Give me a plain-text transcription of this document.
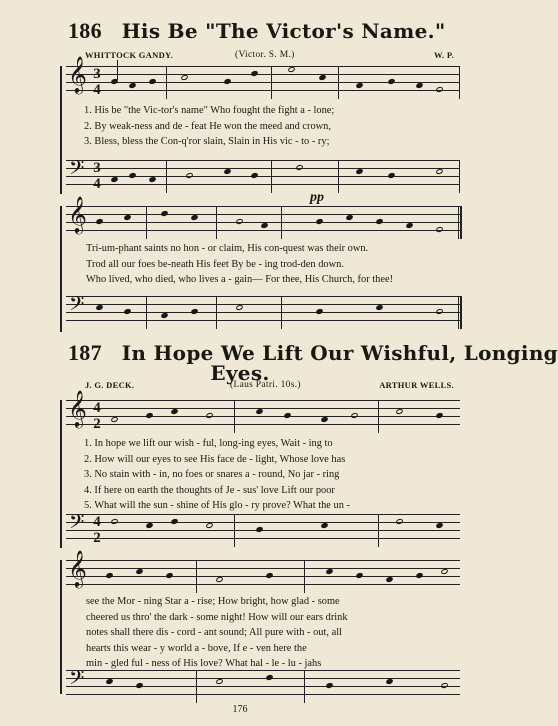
186 His Be "The Victor's Name."
WHITTOCK GANDY.	(Victor. S. M.)	W. P.
𝄞 3
4
1. His be "the Vic-tor's name" Who fought the fight a - lone;
2. By weak-ness and de - feat He won the meed and crown,
3. Bless, bless the Con-q'ror slain, Slain in His vic - to - ry;
𝄢 3
4
pp
𝄞
Tri-um-phant saints no hon - or claim, His con-quest was their own.
Trod all our foes be-neath His feet By be - ing trod-den down.
Who lived, who died, who lives a - gain— For thee, His Church, for thee!
𝄢
187 In Hope We Lift Our Wishful, Longing
Eyes.
J. G. DECK.	(Laus Patri. 10s.)	ARTHUR WELLS.
𝄞 4
2
1. In hope we lift our wish - ful, long-ing eyes, Wait - ing to
2. How will our eyes to see His face de - light, Whose love has
3. No stain with - in, no foes or snares a - round, No jar - ring
4. If here on earth the thoughts of Je - sus' love Lift our poor
5. What will the sun - shine of His glo - ry prove? What the un -
𝄢 4
2
𝄞
see the Mor - ning Star a - rise; How bright, how glad - some
cheered us thro' the dark - some night! How will our ears drink
notes shall there dis - cord - ant sound; All pure with - out, all
hearts this wear - y world a - bove, If e - ven here the
min - gled ful - ness of His love? What hal - le - lu - jahs
𝄢
176
